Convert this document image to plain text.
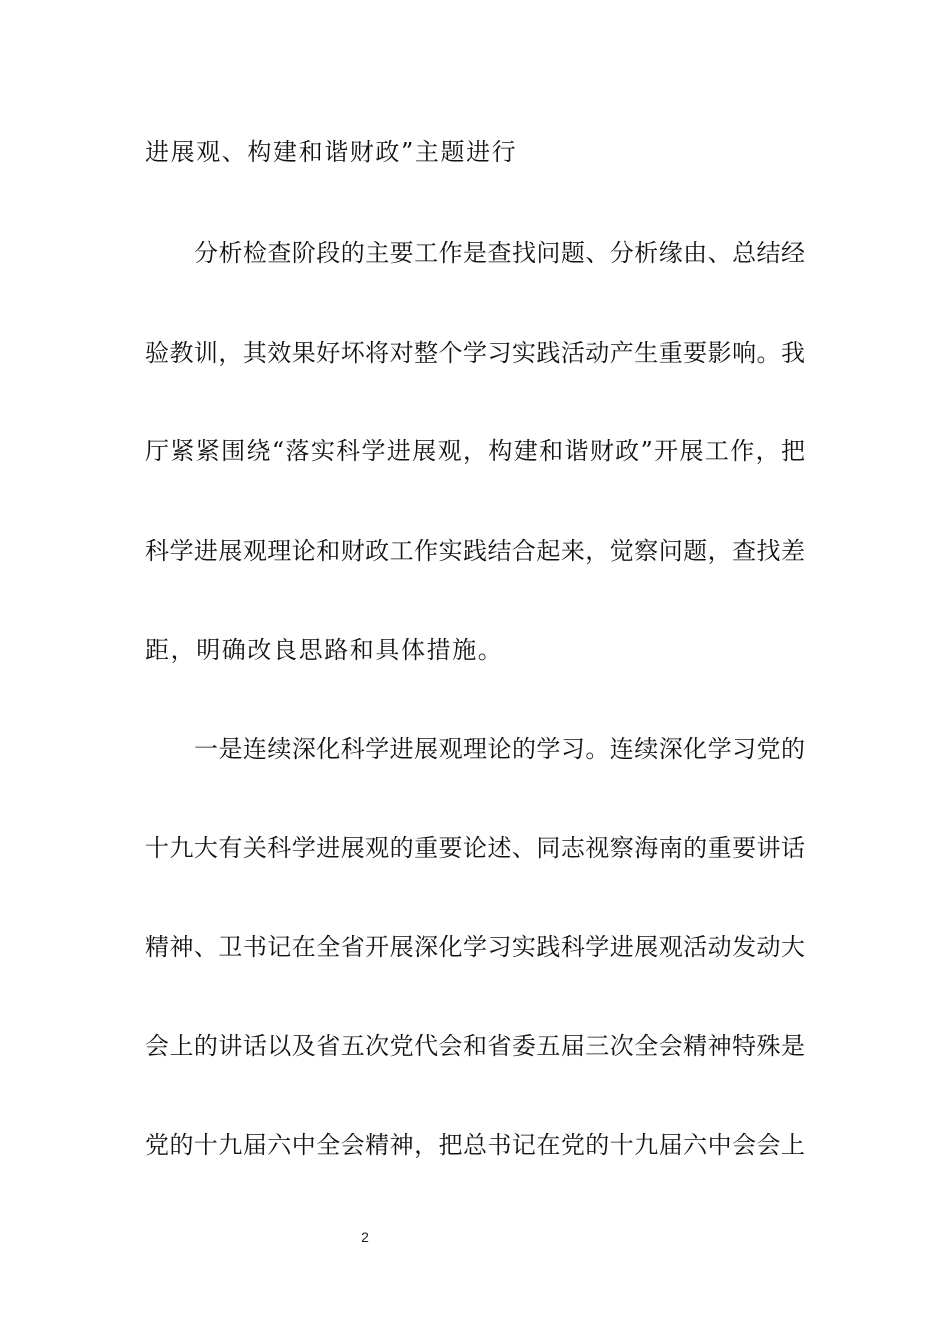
进展观、构建和谐财政”主题进行
分析检查阶段的主要工作是查找问题、分析缘由、总结经
验教训，其效果好坏将对整个学习实践活动产生重要影响。我
厅紧紧围绕“落实科学进展观，构建和谐财政”开展工作，把
科学进展观理论和财政工作实践结合起来，觉察问题，查找差
距，明确改良思路和具体措施。
一是连续深化科学进展观理论的学习。连续深化学习党的
十九大有关科学进展观的重要论述、同志视察海南的重要讲话
精神、卫书记在全省开展深化学习实践科学进展观活动发动大
会上的讲话以及省五次党代会和省委五届三次全会精神特殊是
党的十九届六中全会精神，把总书记在党的十九届六中会会上
2
